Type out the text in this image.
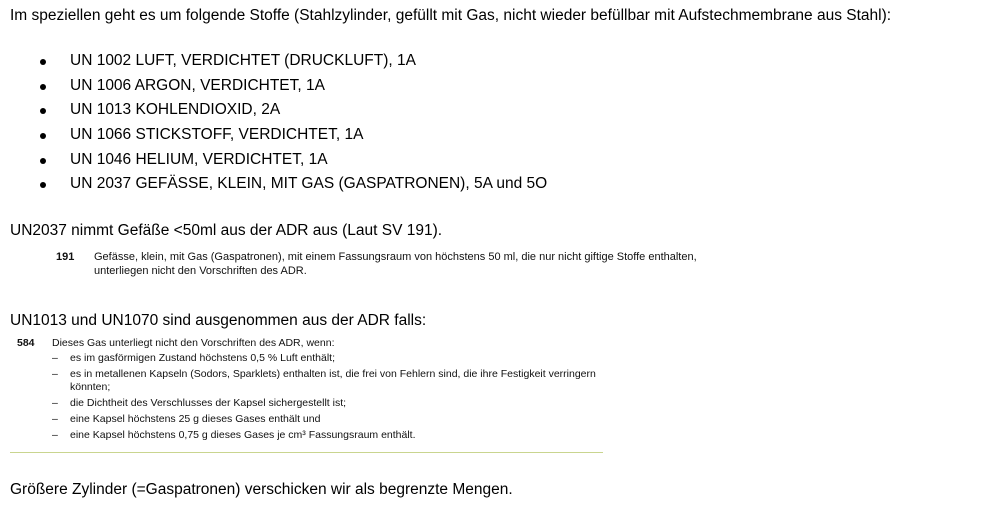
Im speziellen geht es um folgende Stoffe (Stahlzylinder, gefüllt mit Gas, nicht wieder befüllbar mit Aufstechmembrane aus Stahl):
UN 1002 LUFT, VERDICHTET (DRUCKLUFT), 1A
UN 1006 ARGON, VERDICHTET, 1A
UN 1013 KOHLENDIOXID, 2A
UN 1066 STICKSTOFF, VERDICHTET, 1A
UN 1046 HELIUM, VERDICHTET, 1A
UN 2037 GEFÄSSE, KLEIN, MIT GAS (GASPATRONEN), 5A und 5O
UN2037 nimmt Gefäße <50ml aus der ADR aus (Laut SV 191).
191 Gefässe, klein, mit Gas (Gaspatronen), mit einem Fassungsraum von höchstens 50 ml, die nur nicht giftige Stoffe enthalten, unterliegen nicht den Vorschriften des ADR.
UN1013 und UN1070 sind ausgenommen aus der ADR falls:
584 Dieses Gas unterliegt nicht den Vorschriften des ADR, wenn:
– es im gasförmigen Zustand höchstens 0,5 % Luft enthält;
– es in metallenen Kapseln (Sodors, Sparklets) enthalten ist, die frei von Fehlern sind, die ihre Festigkeit verringern könnten;
– die Dichtheit des Verschlusses der Kapsel sichergestellt ist;
– eine Kapsel höchstens 25 g dieses Gases enthält und
– eine Kapsel höchstens 0,75 g dieses Gases je cm³ Fassungsraum enthält.
Größere Zylinder (=Gaspatronen) verschicken wir als begrenzte Mengen.
